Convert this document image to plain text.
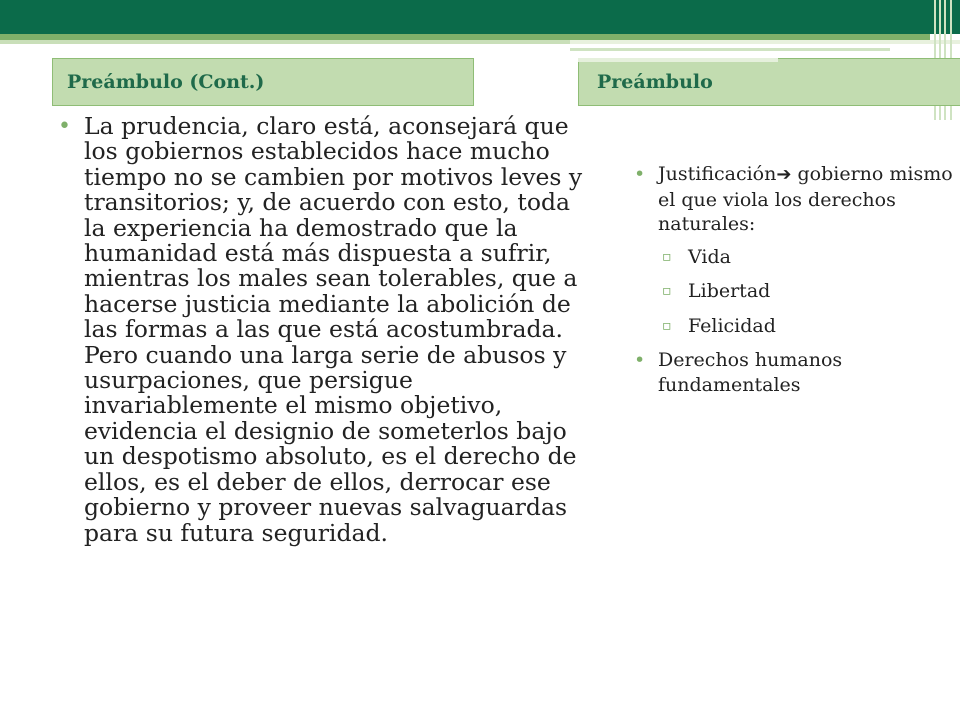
Preámbulo (Cont.)	Preámbulo
• La prudencia, claro está, aconsejará que los gobiernos establecidos hace mucho tiempo no se cambien por motivos leves y transitorios; y, de acuerdo con esto, toda la experiencia ha demostrado que la humanidad está más dispuesta a sufrir, mientras los males sean tolerables, que a hacerse justicia mediante la abolición de las formas a las que está acostumbrada. Pero cuando una larga serie de abusos y usurpaciones, que persigue invariablemente el mismo objetivo, evidencia el designio de someterlos bajo un despotismo absoluto, es el derecho de ellos, es el deber de ellos, derrocar ese gobierno y proveer nuevas salvaguardas para su futura seguridad.
• Justificación➔ gobierno mismo el que viola los derechos naturales:
▫ Vida
▫ Libertad
▫ Felicidad
• Derechos humanos fundamentales
